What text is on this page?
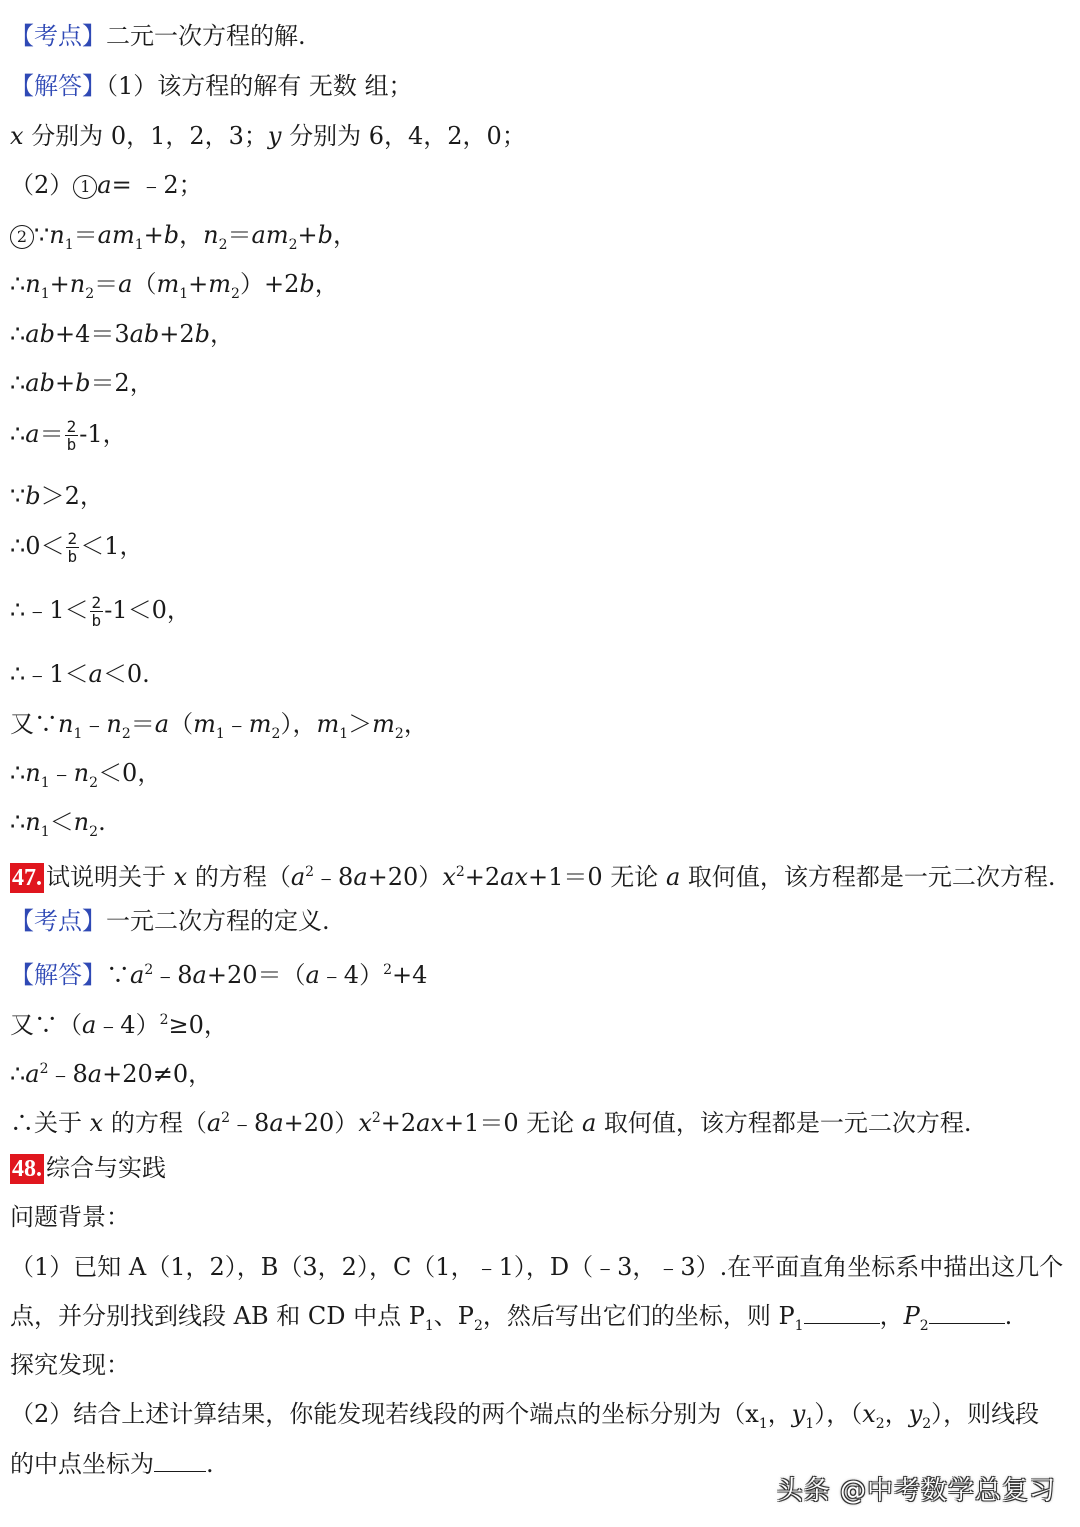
【考点】二元一次方程的解.
【解答】（1）该方程的解有 无数 组；
x 分别为 0，1，2，3；y 分别为 6，4，2，0；
（2） 1 a= ﹣2；
2 $\because n_1=am_1+b$，$n_2=am_2+b$，
$\therefore n_1+n_2=a(m_1+m_2)+2b$，
∴ab+4＝3ab+2b，
∴ab+b＝2，
∴a＝ $\frac{2}{b} -1$，
∵b＞2，
∴0＜ $\frac{2}{b} <1$，
∴﹣1＜ $\frac{2}{b} -1<0$，
∴﹣1＜a＜0.
又$\because n_1﹣n_2=a(m_1﹣m_2)$，$m_1>m_2$，
$\therefore n_1﹣n_2<0$，
$\therefore n_1<n_2$.
47. 试说明关于 x 的方程$(a^2﹣8a+20)x^2+2ax+1=0$ 无论 a 取何值，该方程都是一元二次方程.
【考点】一元二次方程的定义.
【解答】$\because a^2﹣8a+20=(a﹣4)^2+4$
又∵（a﹣4）$^2$≥0，
$\therefore a^2﹣8a+20\ne 0$，
∴关于 x 的方程$(a^2﹣8a+20)x^2+2ax+1=0$ 无论 a 取何值，该方程都是一元二次方程.
48. 综合与实践
问题背景：
（1）已知 A（1，2），B（3，2），C（1，﹣1），D（﹣3，﹣3）.在平面直角坐标系中描出这几个
点，并分别找到线段 AB 和 CD 中点 $P_1$、$P_2$，然后写出它们的坐标，则 $P_1$	，$P_2$	.
探究发现：
（2）结合上述计算结果，你能发现若线段的两个端点的坐标分别为（$x_1$，$y_1$），（$x_2$，$y_2$），则线段
的中点坐标为 .
头条 @中考数学总复习
